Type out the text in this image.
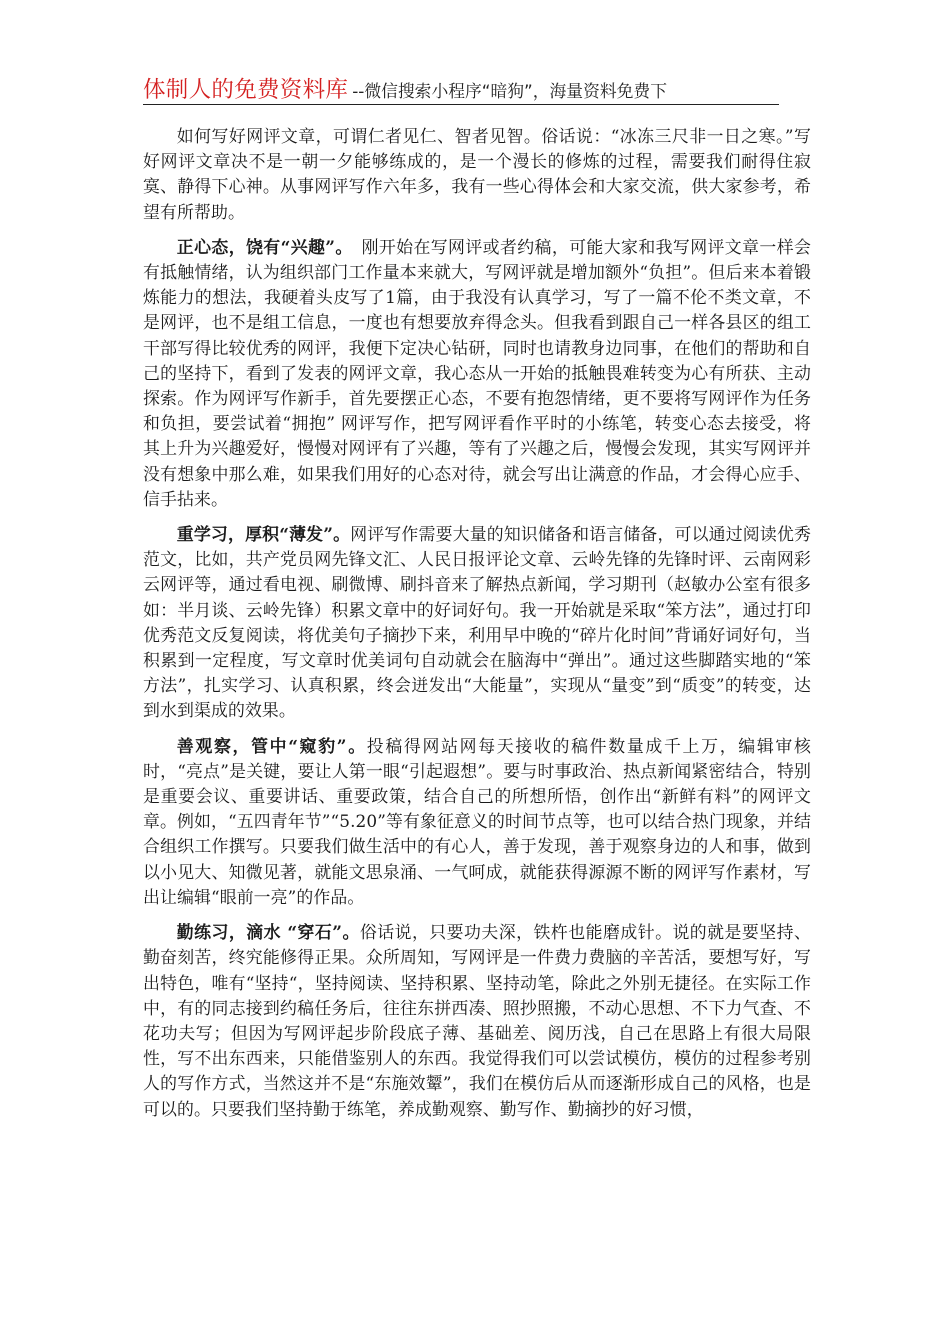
体制人的免费资料库 --微信搜索小程序“暗狗”，海量资料免费下

如何写好网评文章，可谓仁者见仁、智者见智。俗话说：“冰冻三尺非一日之寒。”写好网评文章决不是一朝一夕能够练成的，是一个漫长的修炼的过程，需要我们耐得住寂寞、静得下心神。从事网评写作六年多，我有一些心得体会和大家交流，供大家参考，希望有所帮助。

正心态，饶有“兴趣”。　刚开始在写网评或者约稿，可能大家和我写网评文章一样会有抵触情绪，认为组织部门工作量本来就大，写网评就是增加额外“负担”。但后来本着锻炼能力的想法，我硬着头皮写了1篇，由于我没有认真学习，写了一篇不伦不类文章，不是网评，也不是组工信息，一度也有想要放弃得念头。但我看到跟自己一样各县区的组工干部写得比较优秀的网评，我便下定决心钻研，同时也请教身边同事，在他们的帮助和自己的坚持下，看到了发表的网评文章，我心态从一开始的抵触畏难转变为心有所获、主动探索。作为网评写作新手，首先要摆正心态，不要有抱怨情绪，更不要将写网评作为任务和负担，要尝试着“拥抱” 网评写作，把写网评看作平时的小练笔，转变心态去接受，将其上升为兴趣爱好，慢慢对网评有了兴趣，等有了兴趣之后，慢慢会发现，其实写网评并没有想象中那么难，如果我们用好的心态对待，就会写出让满意的作品，才会得心应手、信手拈来。

重学习，厚积“薄发”。网评写作需要大量的知识储备和语言储备，可以通过阅读优秀范文，比如，共产党员网先锋文汇、人民日报评论文章、云岭先锋的先锋时评、云南网彩云网评等，通过看电视、刷微博、刷抖音来了解热点新闻，学习期刊（赵敏办公室有很多如：半月谈、云岭先锋）积累文章中的好词好句。我一开始就是采取“笨方法”，通过打印优秀范文反复阅读，将优美句子摘抄下来，利用早中晚的“碎片化时间”背诵好词好句，当积累到一定程度，写文章时优美词句自动就会在脑海中“弹出”。通过这些脚踏实地的“笨方法”，扎实学习、认真积累，终会迸发出“大能量”，实现从“量变”到“质变”的转变，达到水到渠成的效果。

善观察，管中“窥豹”。投稿得网站网每天接收的稿件数量成千上万，编辑审核时，“亮点”是关键，要让人第一眼“引起遐想”。要与时事政治、热点新闻紧密结合，特别是重要会议、重要讲话、重要政策，结合自己的所想所悟，创作出“新鲜有料”的网评文章。例如，“五四青年节”“5.20”等有象征意义的时间节点等，也可以结合热门现象，并结合组织工作撰写。只要我们做生活中的有心人，善于发现，善于观察身边的人和事，做到以小见大、知微见著，就能文思泉涌、一气呵成，就能获得源源不断的网评写作素材，写出让编辑“眼前一亮”的作品。

勤练习，滴水 “穿石”。俗话说，只要功夫深，铁杵也能磨成针。说的就是要坚持、勤奋刻苦，终究能修得正果。众所周知，写网评是一件费力费脑的辛苦活，要想写好，写出特色，唯有“坚持“，坚持阅读、坚持积累、坚持动笔，除此之外别无捷径。在实际工作中，有的同志接到约稿任务后，往往东拼西凑、照抄照搬，不动心思想、不下力气查、不花功夫写；但因为写网评起步阶段底子薄、基础差、阅历浅，自己在思路上有很大局限性，写不出东西来，只能借鉴别人的东西。我觉得我们可以尝试模仿，模仿的过程参考别人的写作方式，当然这并不是“东施效颦”，我们在模仿后从而逐渐形成自己的风格，也是可以的。只要我们坚持勤于练笔，养成勤观察、勤写作、勤摘抄的好习惯，
